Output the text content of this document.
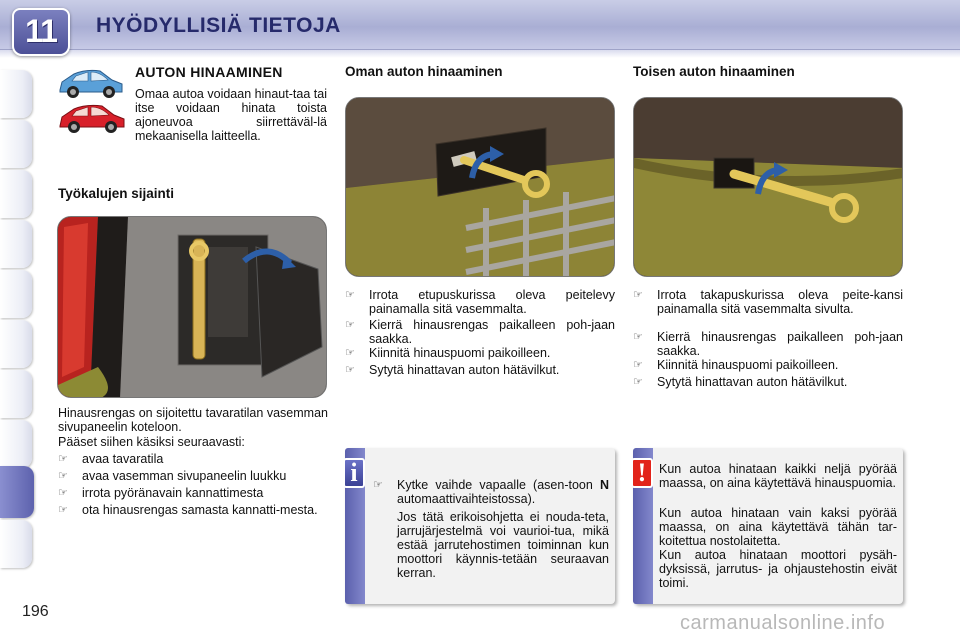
11	HYÖDYLLISIÄ TIETOJA
AUTON HINAAMINEN
Omaa autoa voidaan hinaut-taa tai itse voidaan hinata toista ajoneuvoa siirrettäväl-lä mekaanisella laitteella.
Työkalujen sijainti
Hinausrengas on sijoitettu tavaratilan vasemman sivupaneelin koteloon.
Pääset siihen käsiksi seuraavasti:
☞ avaa tavaratila
☞ avaa vasemman sivupaneelin luukku
☞ irrota pyöränavain kannattimesta
☞ ota hinausrengas samasta kannatti-mesta.
Oman auton hinaaminen
☞ Irrota etupuskurissa oleva peitelevy painamalla sitä vasemmalta.
☞ Kierrä hinausrengas paikalleen poh-jaan saakka.
☞ Kiinnitä hinauspuomi paikoilleen.
☞ Sytytä hinattavan auton hätävilkut.
Toisen auton hinaaminen
☞ Irrota takapuskurissa oleva peite-kansi painamalla sitä vasemmalta sivulta.
☞ Kierrä hinausrengas paikalleen poh-jaan saakka.
☞ Kiinnitä hinauspuomi paikoilleen.
☞ Sytytä hinattavan auton hätävilkut.
i	☞ Kytke vaihde vapaalle (asen-toon N automaattivaihteistossa).
Jos tätä erikoisohjetta ei nouda-teta, jarrujärjestelmä voi vaurioi-tua, mikä estää jarrutehostimen toiminnan kun moottori käynnis-tetään seuraavan kerran.
!	Kun autoa hinataan kaikki neljä pyörää maassa, on aina käytettävä hinauspuomia.
Kun autoa hinataan vain kaksi pyörää maassa, on aina käytettävä tähän tar-koitettua nostolaitetta.
Kun autoa hinataan moottori pysäh-dyksissä, jarrutus- ja ohjaustehostin eivät toimi.
196
carmanualsonline.info
